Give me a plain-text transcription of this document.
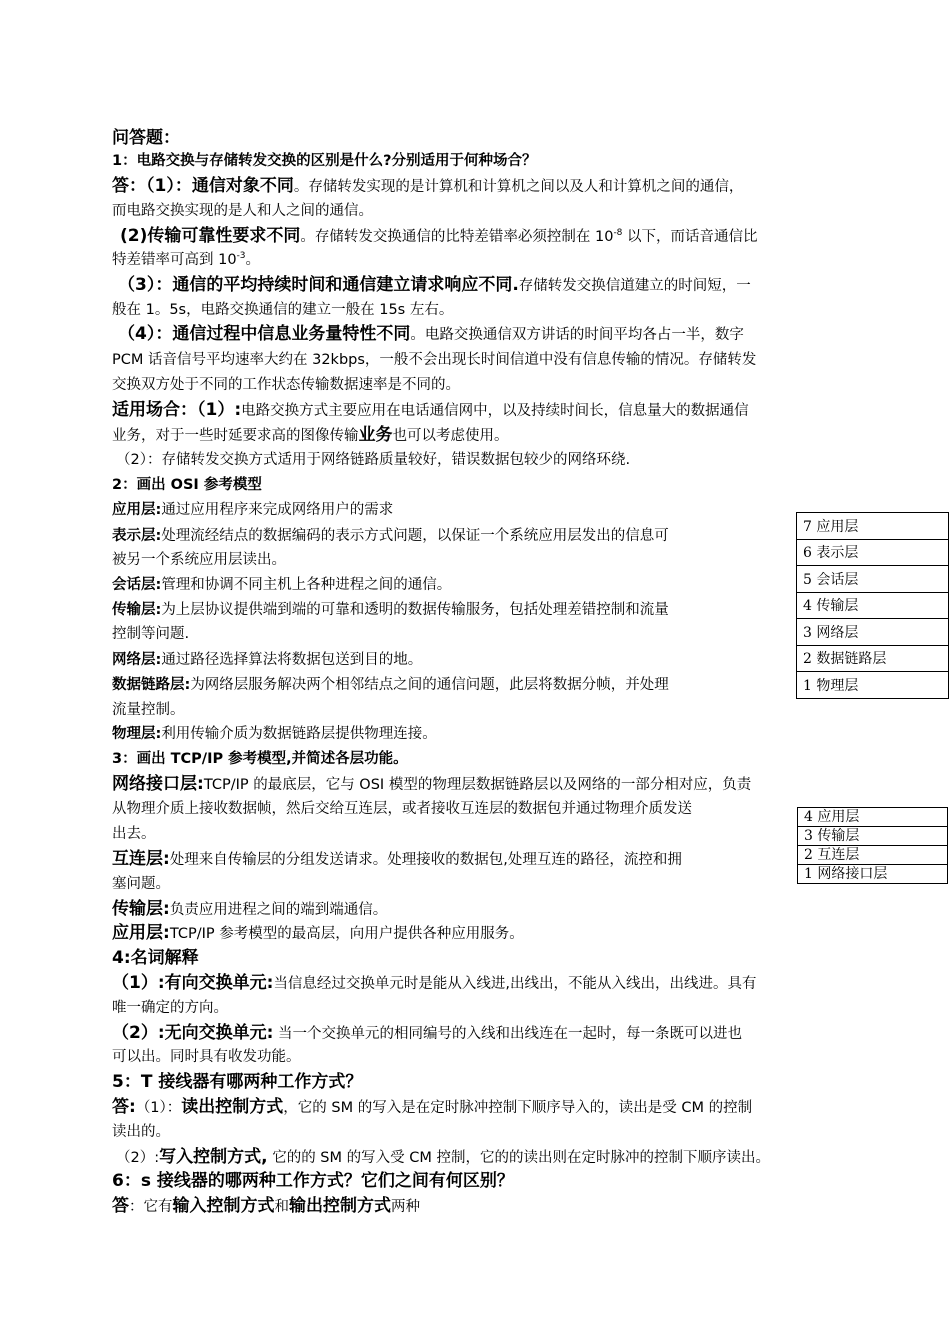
问答题：
1：电路交换与存储转发交换的区别是什么?分别适用于何种场合？
答：（1）：通信对象不同。存储转发实现的是计算机和计算机之间以及人和计算机之间的通信，
而电路交换实现的是人和人之间的通信。
(2)传输可靠性要求不同。存储转发交换通信的比特差错率必须控制在 $10^{-8}$ 以下，而话音通信比
特差错率可高到 $10^{-3}$。
（3）：通信的平均持续时间和通信建立请求响应不同.存储转发交换信道建立的时间短，一
般在 1。5s，电路交换通信的建立一般在 15s 左右。
（4）：通信过程中信息业务量特性不同。电路交换通信双方讲话的时间平均各占一半，数字
PCM 话音信号平均速率大约在 32kbps，一般不会出现长时间信道中没有信息传输的情况。存储转发
交换双方处于不同的工作状态传输数据速率是不同的。
适用场合：（1）:电路交换方式主要应用在电话通信网中，以及持续时间长，信息量大的数据通信
业务，对于一些时延要求高的图像传输业务也可以考虑使用。
（2）：存储转发交换方式适用于网络链路质量较好，错误数据包较少的网络环绕.
2：画出 OSI 参考模型
应用层:通过应用程序来完成网络用户的需求
表示层:处理流经结点的数据编码的表示方式问题，以保证一个系统应用层发出的信息可
被另一个系统应用层读出。
会话层:管理和协调不同主机上各种进程之间的通信。
传输层:为上层协议提供端到端的可靠和透明的数据传输服务，包括处理差错控制和流量
控制等问题.
网络层:通过路径选择算法将数据包送到目的地。
数据链路层:为网络层服务解决两个相邻结点之间的通信问题，此层将数据分帧，并处理
流量控制。
物理层:利用传输介质为数据链路层提供物理连接。
7 应用层
6 表示层
5 会话层
4 传输层
3 网络层
2 数据链路层
1 物理层
3：画出 TCP/IP 参考模型,并简述各层功能。
网络接口层:TCP/IP 的最底层，它与 OSI 模型的物理层数据链路层以及网络的一部分相对应，负责
从物理介质上接收数据帧，然后交给互连层，或者接收互连层的数据包并通过物理介质发送
出去。
互连层:处理来自传输层的分组发送请求。处理接收的数据包,处理互连的路径，流控和拥
塞问题。
传输层:负责应用进程之间的端到端通信。
应用层:TCP/IP 参考模型的最高层，向用户提供各种应用服务。
4 应用层
3 传输层
2 互连层
1 网络接口层
4:名词解释
（1）:有向交换单元:当信息经过交换单元时是能从入线进,出线出，不能从入线出，出线进。具有
唯一确定的方向。
（2）:无向交换单元: 当一个交换单元的相同编号的入线和出线连在一起时，每一条既可以进也
可以出。同时具有收发功能。
5：T 接线器有哪两种工作方式？
答:（1）：读出控制方式，它的 SM 的写入是在定时脉冲控制下顺序导入的，读出是受 CM 的控制
读出的。
（2）:写入控制方式, 它的的 SM 的写入受 CM 控制，它的的读出则在定时脉冲的控制下顺序读出。
6：s 接线器的哪两种工作方式？它们之间有何区别？
答：它有输入控制方式和输出控制方式两种
